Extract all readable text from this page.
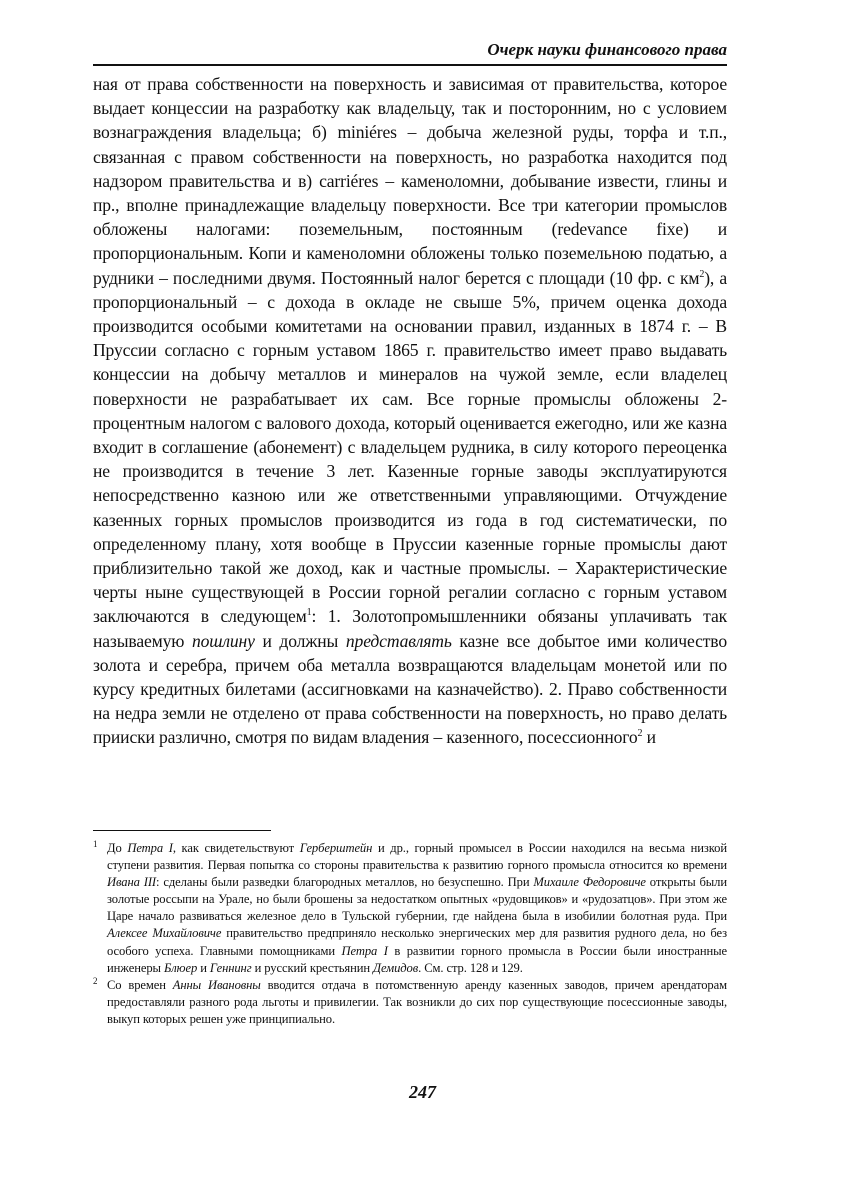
Очерк науки финансового права

ная от права собственности на поверхность и зависимая от правительства, которое выдает концессии на разработку как владельцу, так и посторонним, но с условием вознаграждения владельца; б) miniéres – добыча железной руды, торфа и т.п., связанная с правом собственности на поверхность, но разработка находится под надзором правительства и в) carriéres – каменоломни, добывание извести, глины и пр., вполне принадлежащие владельцу поверхности. Все три категории промыслов обложены налогами: поземельным, постоянным (redevance fixe) и пропорциональным. Копи и каменоломни обложены только поземельною податью, а рудники – последними двумя. Постоянный налог берется с площади (10 фр. с $км^2$), а пропорциональный – с дохода в окладе не свыше 5%, причем оценка дохода производится особыми комитетами на основании правил, изданных в 1874 г. – В Пруссии согласно с горным уставом 1865 г. правительство имеет право выдавать концессии на добычу металлов и минералов на чужой земле, если владелец поверхности не разрабатывает их сам. Все горные промыслы обложены 2-процентным налогом с валового дохода, который оценивается ежегодно, или же казна входит в соглашение (абонемент) с владельцем рудника, в силу которого переоценка не производится в течение 3 лет. Казенные горные заводы эксплуатируются непосредственно казною или же ответственными управляющими. Отчуждение казенных горных промыслов производится из года в год систематически, по определенному плану, хотя вообще в Пруссии казенные горные промыслы дают приблизительно такой же доход, как и частные промыслы. – Характеристические черты ныне существующей в России горной регалии согласно с горным уставом заключаются в следующем$^1$: 1. Золотопромышленники обязаны уплачивать так называемую пошлину и должны представлять казне все добытое ими количество золота и серебра, причем оба металла возвращаются владельцам монетой или по курсу кредитных билетами (ассигновками на казначейство). 2. Право собственности на недра земли не отделено от права собственности на поверхность, но право делать прииски различно, смотря по видам владения – казенного, посессионного$^2$ и

1 До Петра I, как свидетельствуют Герберштейн и др., горный промысел в России находился на весьма низкой ступени развития. Первая попытка со стороны правительства к развитию горного промысла относится ко времени Ивана III: сделаны были разведки благородных металлов, но безуспешно. При Михаиле Федоровиче открыты были золотые россыпи на Урале, но были брошены за недостатком опытных «рудовщиков» и «рудозатцов». При этом же Царе начало развиваться железное дело в Тульской губернии, где найдена была в изобилии болотная руда. При Алексее Михайловиче правительство предприняло несколько энергических мер для развития рудного дела, но без особого успеха. Главными помощниками Петра I в развитии горного промысла в России были иностранные инженеры Блюер и Геннинг и русский крестьянин Демидов. См. стр. 128 и 129.

2 Со времен Анны Ивановны вводится отдача в потомственную аренду казенных заводов, причем арендаторам предоставляли разного рода льготы и привилегии. Так возникли до сих пор существующие посессионные заводы, выкуп которых решен уже принципиально.

247
